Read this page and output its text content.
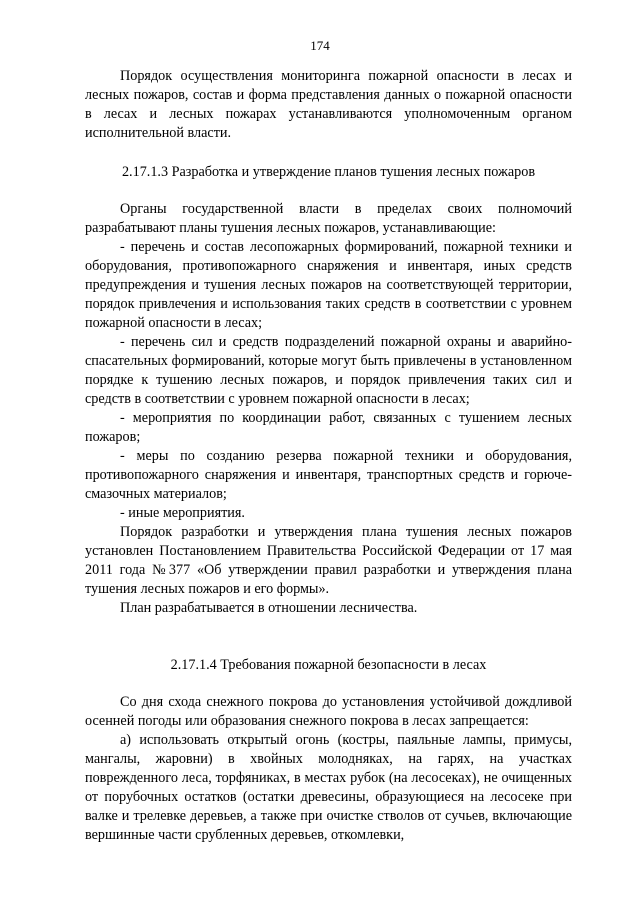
174

Порядок осуществления мониторинга пожарной опасности в лесах и лесных пожаров, состав и форма представления данных о пожарной опасности в лесах и лесных пожарах устанавливаются уполномоченным органом исполнительной власти.

2.17.1.3 Разработка и утверждение планов тушения лесных пожаров

Органы государственной власти в пределах своих полномочий разрабатывают планы тушения лесных пожаров, устанавливающие:

- перечень и состав лесопожарных формирований, пожарной техники и оборудования, противопожарного снаряжения и инвентаря, иных средств предупреждения и тушения лесных пожаров на соответствующей территории, порядок привлечения и использования таких средств в соответствии с уровнем пожарной опасности в лесах;

- перечень сил и средств подразделений пожарной охраны и аварийно-спасательных формирований, которые могут быть привлечены в установленном порядке к тушению лесных пожаров, и порядок привлечения таких сил и средств в соответствии с уровнем пожарной опасности в лесах;

- мероприятия по координации работ, связанных с тушением лесных пожаров;

- меры по созданию резерва пожарной техники и оборудования, противопожарного снаряжения и инвентаря, транспортных средств и горюче-смазочных материалов;

- иные мероприятия.

Порядок разработки и утверждения плана тушения лесных пожаров установлен Постановлением Правительства Российской Федерации от 17 мая 2011 года №377 «Об утверждении правил разработки и утверждения плана тушения лесных пожаров и его формы».

План разрабатывается в отношении лесничества.

2.17.1.4 Требования пожарной безопасности в лесах

Со дня схода снежного покрова до установления устойчивой дождливой осенней погоды или образования снежного покрова в лесах запрещается:

а) использовать открытый огонь (костры, паяльные лампы, примусы, мангалы, жаровни) в хвойных молодняках, на гарях, на участках поврежденного леса, торфяниках, в местах рубок (на лесосеках), не очищенных от порубочных остатков (остатки древесины, образующиеся на лесосеке при валке и трелевке деревьев, а также при очистке стволов от сучьев, включающие вершинные части срубленных деревьев, откомлевки,
